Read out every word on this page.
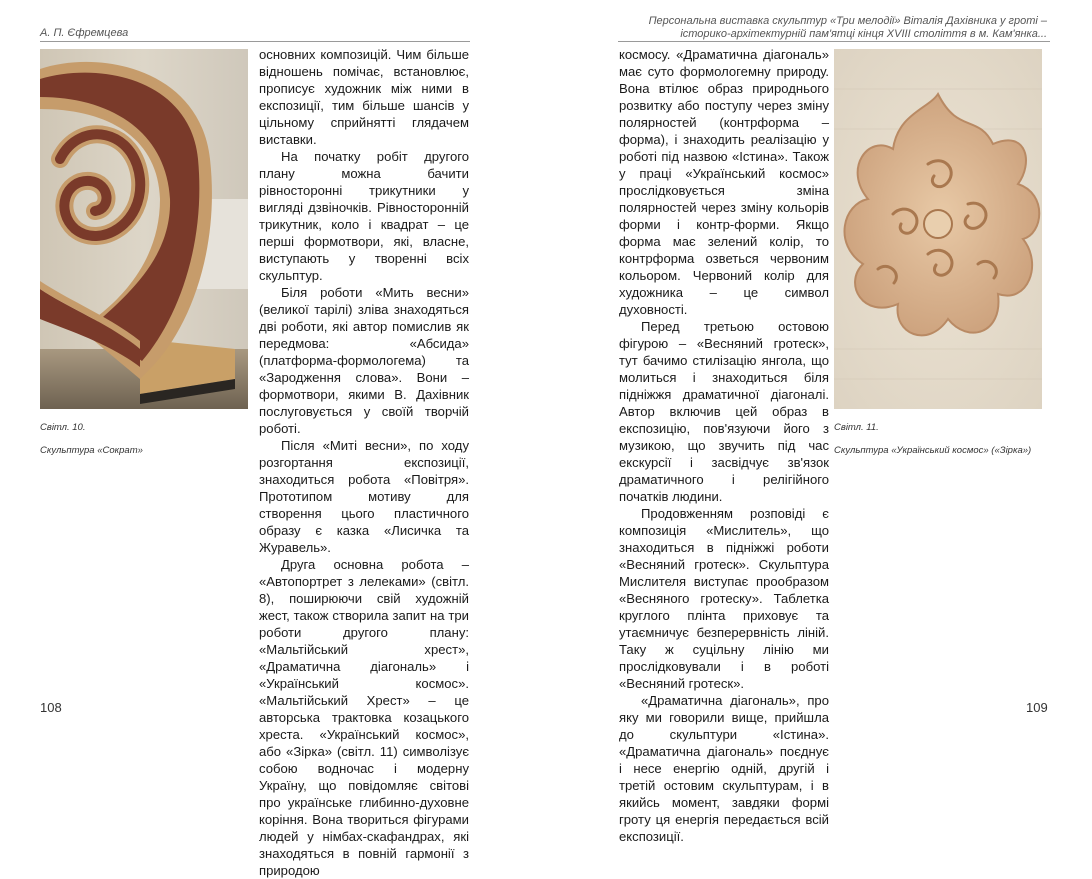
А. П. Єфремцева
Світл. 10.
Скульптура «Сократ»

основних композицій. Чим більше відношень помічає, встановлює, прописує художник між ними в експозиції, тим більше шансів у цільному сприйнятті глядачем виставки.

На початку робіт другого плану можна бачити рівносторонні трикутники у вигляді дзвіночків. Рівносторонній трикутник, коло і квадрат – це перші формотвори, які, власне, виступають у творенні всіх скульптур.

Біля роботи «Мить весни» (великої тарілі) зліва знаходяться дві роботи, які автор помислив як передмова: «Абсида» (платформа-формологема) та «Зародження слова». Вони – формотвори, якими В. Дахівник послуговується у своїй творчій роботі.

Після «Миті весни», по ходу розгортання експозиції, знаходиться робота «Повітря». Прототипом мотиву для створення цього пластичного образу є казка «Лисичка та Журавель».

Друга основна робота – «Автопортрет з лелеками» (світл. 8), поширюючи свій художній жест, також створила запит на три роботи другого плану: «Мальтійський хрест», «Драматична діагональ» і «Український космос». «Мальтійський Хрест» – це авторська трактовка козацького хреста. «Український космос», або «Зірка» (світл. 11) символізує собою водночас і модерну Україну, що повідомляє світові про українське глибинно-духовне коріння. Вона твориться фігурами людей у німбах-скафандрах, які знаходяться в повній гармонії з природою

108
Персональна виставка скульптур «Три мелодії» Віталія Дахівника у гроті –
історико-архітектурній пам'ятці кінця XVIII століття в м. Кам'янка...

космосу. «Драматична діагональ» має суто формологемну природу. Вона втілює образ природнього розвитку або поступу через зміну полярностей (контрформа – форма), і знаходить реалізацію у роботі під назвою «Істина». Також у праці «Український космос» прослідковується зміна полярностей через зміну кольорів форми і контр-форми. Якщо форма має зелений колір, то контрформа озветься червоним кольором. Червоний колір для художника – це символ духовності.

Перед третьою остовою фігурою – «Весняний гротеск», тут бачимо стилізацію янгола, що молиться і знаходиться біля підніжжя драматичної діагоналі. Автор включив цей образ в експозицію, пов'язуючи його з музикою, що звучить під час екскурсії і засвідчує зв'язок драматичного і релігійного початків людини.

Продовженням розповіді є композиція «Мислитель», що знаходиться в підніжжі роботи «Весняний гротеск». Скульптура Мислителя виступає прообразом «Весняного гротеску». Таблетка круглого плінта приховує та утаємничує безперервність ліній. Таку ж суцільну лінію ми прослідковували і в роботі «Весняний гротеск».

«Драматична діагональ», про яку ми говорили вище, прийшла до скульптури «Істина». «Драматична діагональ» поєднує і несе енергію одній, другій і третій остовим скульптурам, і в якийсь момент, завдяки формі гроту ця енергія передається всій експозиції.

Світл. 11.
Скульптура «Український космос» («Зірка»)
109
